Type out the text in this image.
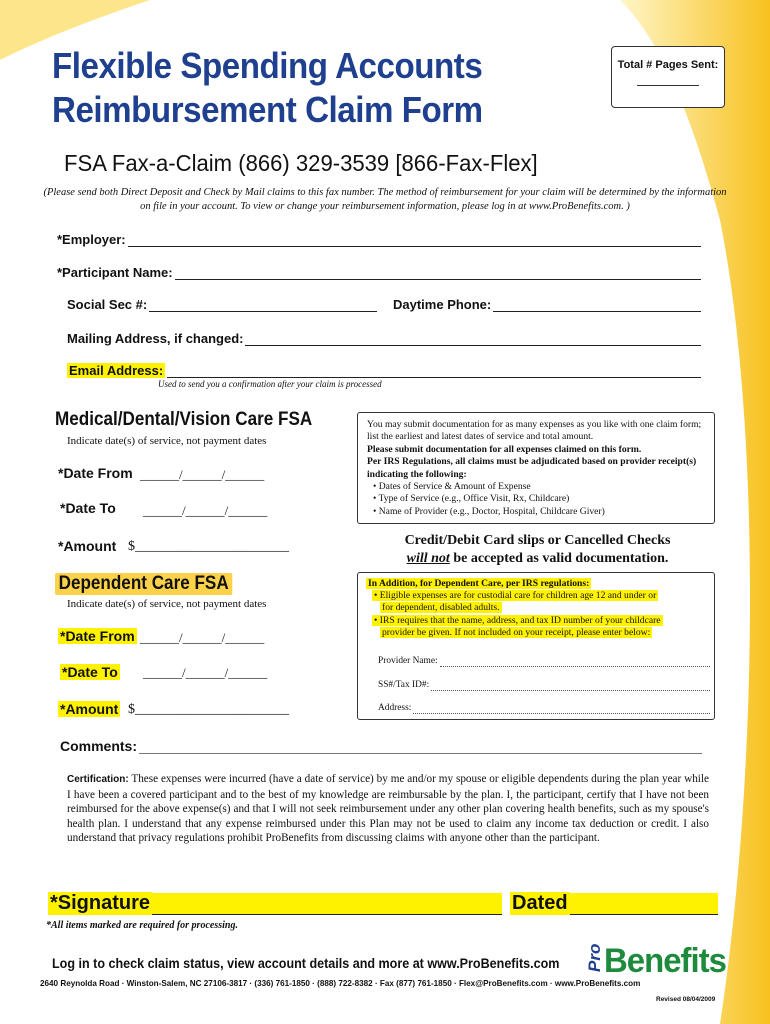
Flexible Spending Accounts
Reimbursement Claim Form
Total # Pages Sent:
FSA Fax-a-Claim (866) 329-3539 [866-Fax-Flex]
(Please send both Direct Deposit and Check by Mail claims to this fax number. The method of reimbursement for your claim will be determined by the information on file in your account. To view or change your reimbursement information, please log in at www.ProBenefits.com. )
*Employer:
*Participant Name:
Social Sec #:	Daytime Phone:
Mailing Address, if changed:
Email Address:
Used to send you a confirmation after your claim is processed
Medical/Dental/Vision Care FSA
Indicate date(s) of service, not payment dates
*Date From ______/______/______
*Date To ______/______/______
*Amount $______________________
Dependent Care FSA
Indicate date(s) of service, not payment dates
*Date From ______/______/______
*Date To ______/______/______
*Amount $______________________
You may submit documentation for as many expenses as you like with one claim form; list the earliest and latest dates of service and total amount.
Please submit documentation for all expenses claimed on this form.
Per IRS Regulations, all claims must be adjudicated based on provider receipt(s) indicating the following:
• Dates of Service & Amount of Expense
• Type of Service (e.g., Office Visit, Rx, Childcare)
• Name of Provider (e.g., Doctor, Hospital, Childcare Giver)
Credit/Debit Card slips or Cancelled Checks
will not be accepted as valid documentation.
In Addition, for Dependent Care, per IRS regulations:
• Eligible expenses are for custodial care for children age 12 and under or
for dependent, disabled adults.
• IRS requires that the name, address, and tax ID number of your childcare
provider be given. If not included on your receipt, please enter below:
Provider Name:
SS#/Tax ID#:
Address:
Comments:
Certification: These expenses were incurred (have a date of service) by me and/or my spouse or eligible dependents during the plan year while I have been a covered participant and to the best of my knowledge are reimbursable by the plan. I, the participant, certify that I have not been reimbursed for the above expense(s) and that I will not seek reimbursement under any other plan covering health benefits, such as my spouse's health plan. I understand that any expense reimbursed under this Plan may not be used to claim any income tax deduction or credit. I also understand that privacy regulations prohibit ProBenefits from discussing claims with anyone other than the participant.
*Signature	Dated
*All items marked are required for processing.
Log in to check claim status, view account details and more at www.ProBenefits.com Pro Benefits
2640 Reynolda Road · Winston-Salem, NC 27106-3817 · (336) 761-1850 · (888) 722-8382 · Fax (877) 761-1850 · Flex@ProBenefits.com · www.ProBenefits.com
Revised 08/04/2009
